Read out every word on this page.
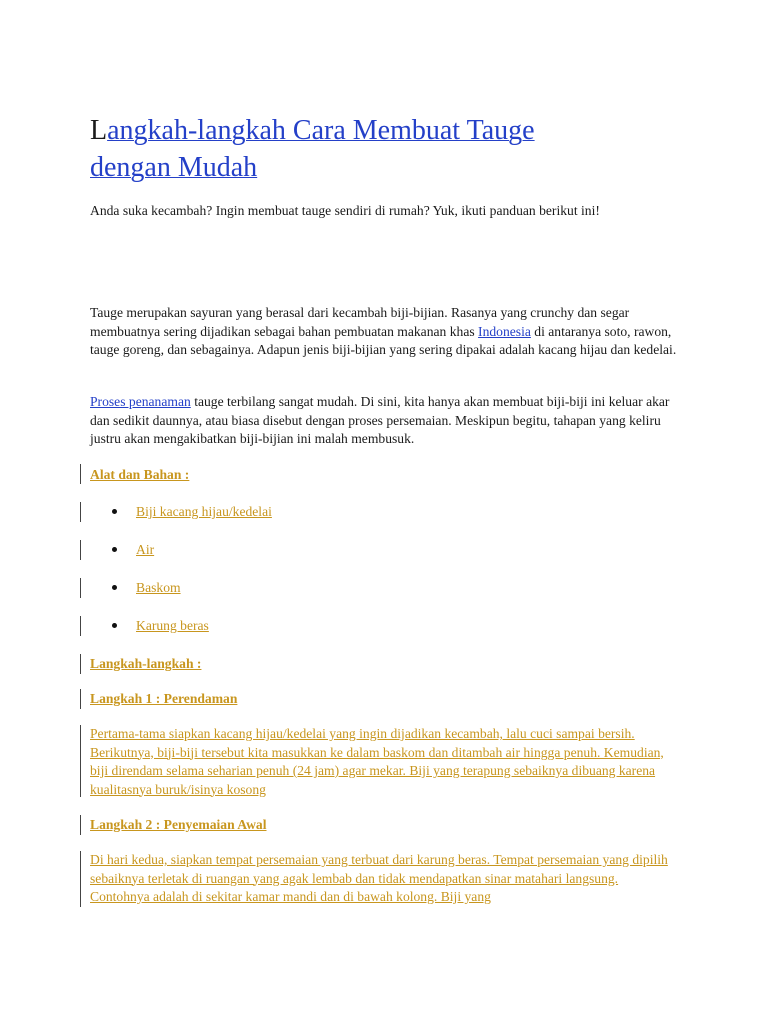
Langkah-langkah Cara Membuat Tauge
dengan Mudah

Anda suka kecambah? Ingin membuat tauge sendiri di rumah? Yuk, ikuti panduan berikut ini!

Tauge merupakan sayuran yang berasal dari kecambah biji-bijian. Rasanya yang crunchy dan segar membuatnya sering dijadikan sebagai bahan pembuatan makanan khas Indonesia di antaranya soto, rawon, tauge goreng, dan sebagainya. Adapun jenis biji-bijian yang sering dipakai adalah kacang hijau dan kedelai.

Proses penanaman tauge terbilang sangat mudah. Di sini, kita hanya akan membuat biji-biji ini keluar akar dan sedikit daunnya, atau biasa disebut dengan proses persemaian. Meskipun begitu, tahapan yang keliru justru akan mengakibatkan biji-bijian ini malah membusuk.

Alat dan Bahan :
Biji kacang hijau/kedelai
Air
Baskom
Karung beras
Langkah-langkah :
Langkah 1 : Perendaman
Pertama-tama siapkan kacang hijau/kedelai yang ingin dijadikan kecambah, lalu cuci sampai bersih. Berikutnya, biji-biji tersebut kita masukkan ke dalam baskom dan ditambah air hingga penuh. Kemudian, biji direndam selama seharian penuh (24 jam) agar mekar. Biji yang terapung sebaiknya dibuang karena kualitasnya buruk/isinya kosong
Langkah 2 : Penyemaian Awal
Di hari kedua, siapkan tempat persemaian yang terbuat dari karung beras. Tempat persemaian yang dipilih sebaiknya terletak di ruangan yang agak lembab dan tidak mendapatkan sinar matahari langsung. Contohnya adalah di sekitar kamar mandi dan di bawah kolong. Biji yang
